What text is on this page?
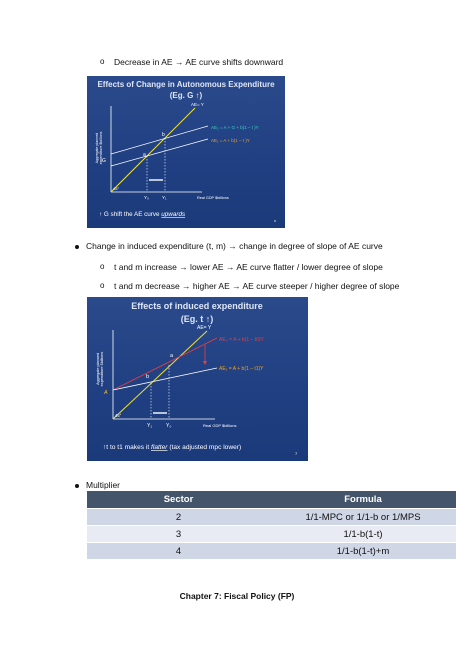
o Decrease in AE → AE curve shifts downward
Effects of Change in Autonomous Expenditure
(Eg. G ↑)
Aggregate planned expenditure $billions
AE= Y
AE₂ = A + G + b(1 – t )Y
AE₁ = A + b(1 – t )Y
a
b
G
45°
Y₀	Y₁	Real GDP $billions
↑ G shift the AE curve upwards
x
Change in induced expenditure (t, m) → change in degree of slope of AE curve
o t and m increase → lower AE → AE curve flatter / lower degree of slope
o t and m decrease → higher AE → AE curve steeper / higher degree of slope
Effects of induced expenditure
(Eg. t ↑)
Aggregate planned expenditure $billions
AE= Y
AE₀ = A + b(1 – t0)Y
AE₁ = A + b(1 – t1)Y
a
b
A
45°
Y₁	Y₀	Real GDP $billions
↑t to t1 makes it flatter (tax adjusted mpc lower)
7
Multiplier
Sector	Formula
2	1/1-MPC or 1/1-b or 1/MPS
3	1/1-b(1-t)
4	1/1-b(1-t)+m
Chapter 7: Fiscal Policy (FP)
